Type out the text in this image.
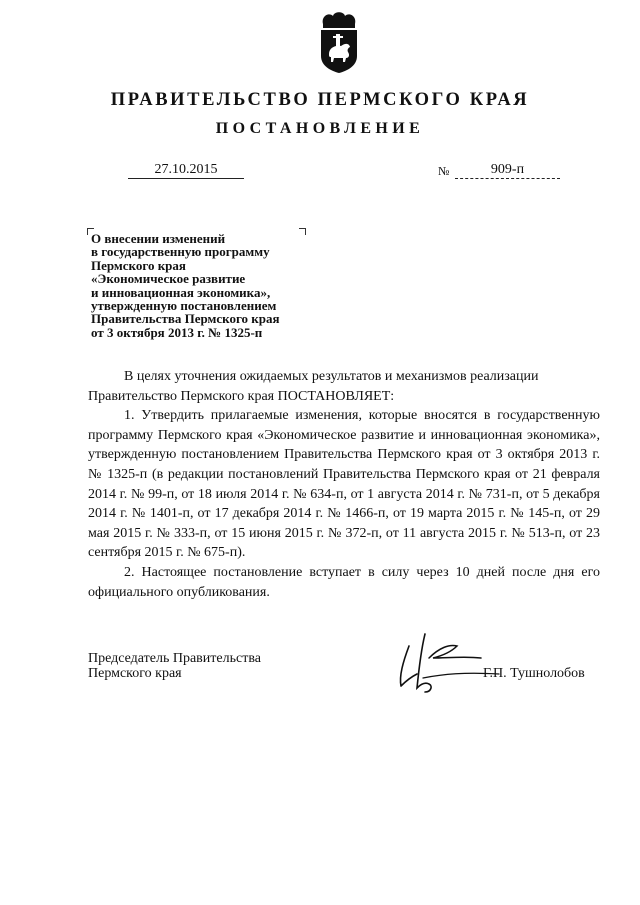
ПРАВИТЕЛЬСТВО ПЕРМСКОГО КРАЯ
ПОСТАНОВЛЕНИЕ
27.10.2015	№	909-п
О внесении изменений
в государственную программу
Пермского края
«Экономическое развитие
и инновационная экономика»,
утвержденную постановлением
Правительства Пермского края
от 3 октября 2013 г. № 1325-п

В целях уточнения ожидаемых результатов и механизмов реализации Правительство Пермского края ПОСТАНОВЛЯЕТ:

1. Утвердить прилагаемые изменения, которые вносятся в государственную программу Пермского края «Экономическое развитие и инновационная экономика», утвержденную постановлением Правительства Пермского края от 3 октября 2013 г. № 1325-п (в редакции постановлений Правительства Пермского края от 21 февраля 2014 г. № 99-п, от 18 июля 2014 г. № 634-п, от 1 августа 2014 г. № 731-п, от 5 декабря 2014 г. № 1401-п, от 17 декабря 2014 г. № 1466-п, от 19 марта 2015 г. № 145-п, от 29 мая 2015 г. № 333-п, от 15 июня 2015 г. № 372-п, от 11 августа 2015 г. № 513-п, от 23 сентября 2015 г. № 675-п).

2. Настоящее постановление вступает в силу через 10 дней после дня его официального опубликования.

Председатель Правительства
Пермского края	Г.П. Тушнолобов
